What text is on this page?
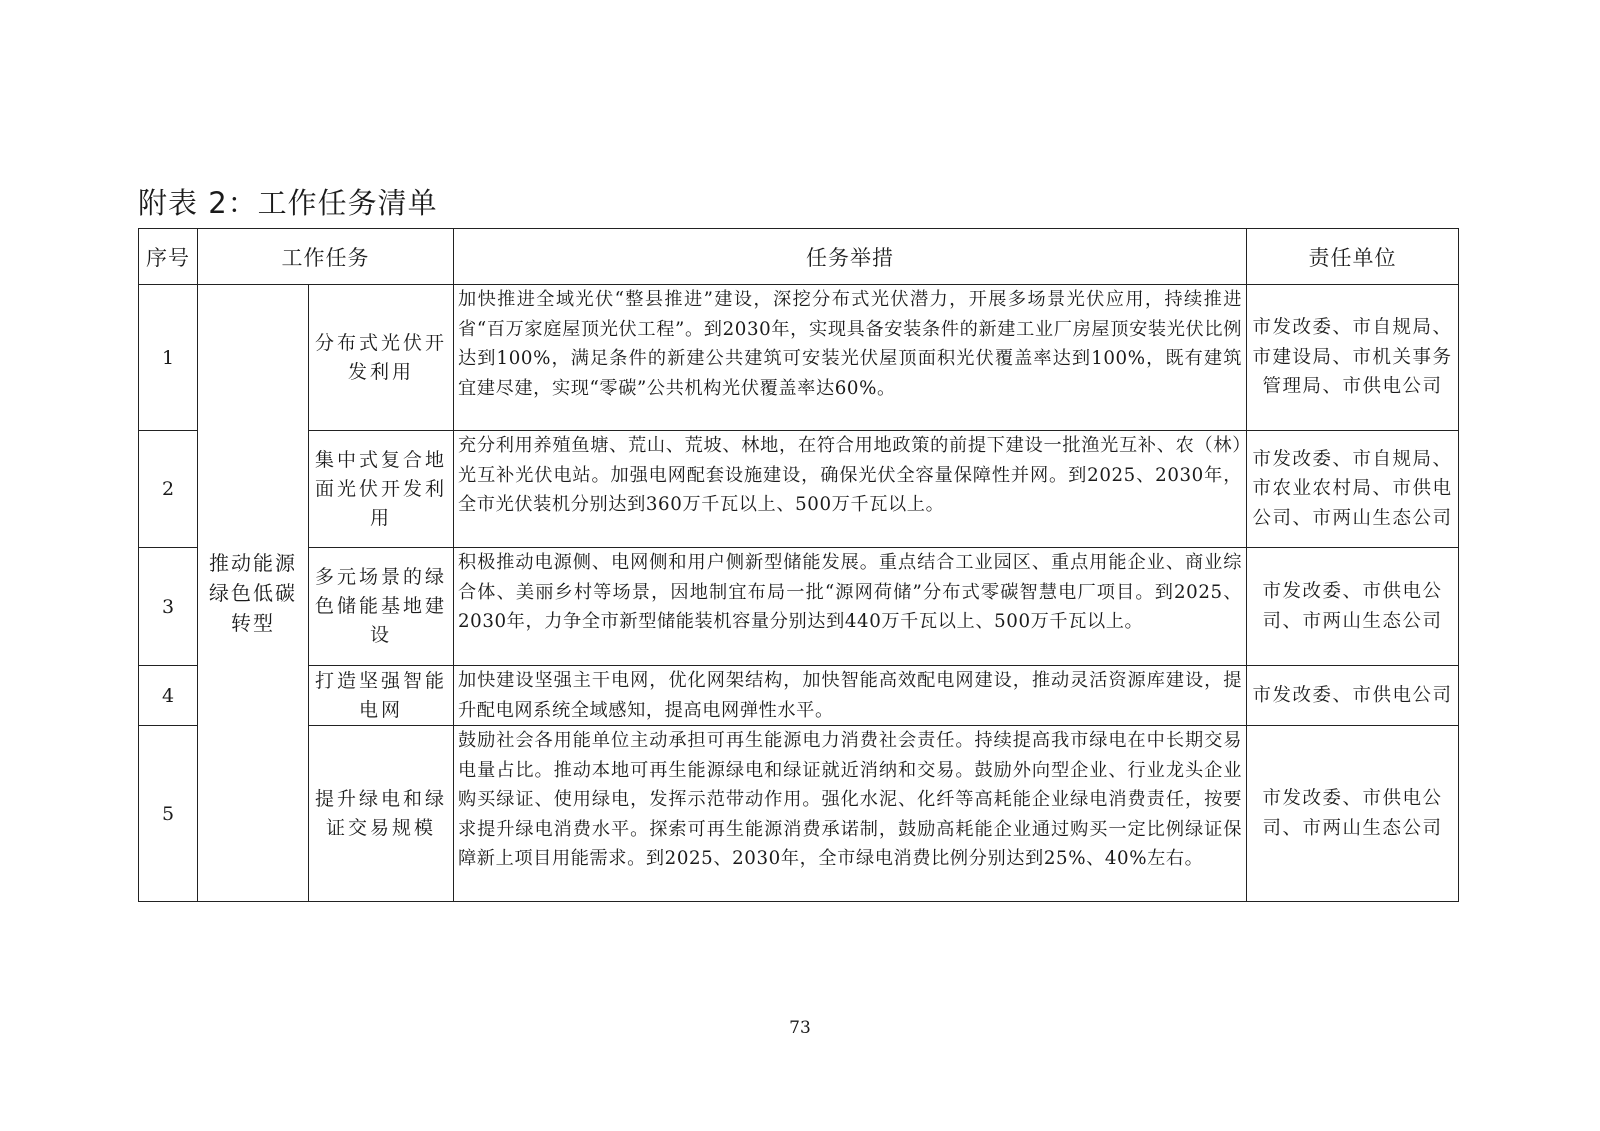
附表 2：工作任务清单
序号	工作任务		任务举措	责任单位
1	推动能源绿色低碳转型	分布式光伏开发利用	加快推进全域光伏“整县推进”建设，深挖分布式光伏潜力，开展多场景光伏应用，持续推进省“百万家庭屋顶光伏工程”。到2030年，实现具备安装条件的新建工业厂房屋顶安装光伏比例达到100%，满足条件的新建公共建筑可安装光伏屋顶面积光伏覆盖率达到100%，既有建筑宜建尽建，实现“零碳”公共机构光伏覆盖率达60%。	市发改委、市自规局、市建设局、市机关事务管理局、市供电公司
2		集中式复合地面光伏开发利用	充分利用养殖鱼塘、荒山、荒坡、林地，在符合用地政策的前提下建设一批渔光互补、农（林）光互补光伏电站。加强电网配套设施建设，确保光伏全容量保障性并网。到2025、2030年，全市光伏装机分别达到360万千瓦以上、500万千瓦以上。	市发改委、市自规局、市农业农村局、市供电公司、市两山生态公司
3		多元场景的绿色储能基地建设	积极推动电源侧、电网侧和用户侧新型储能发展。重点结合工业园区、重点用能企业、商业综合体、美丽乡村等场景，因地制宜布局一批“源网荷储”分布式零碳智慧电厂项目。到2025、2030年，力争全市新型储能装机容量分别达到440万千瓦以上、500万千瓦以上。	市发改委、市供电公司、市两山生态公司
4		打造坚强智能电网	加快建设坚强主干电网，优化网架结构，加快智能高效配电网建设，推动灵活资源库建设，提升配电网系统全域感知，提高电网弹性水平。	市发改委、市供电公司
5		提升绿电和绿证交易规模	鼓励社会各用能单位主动承担可再生能源电力消费社会责任。持续提高我市绿电在中长期交易电量占比。推动本地可再生能源绿电和绿证就近消纳和交易。鼓励外向型企业、行业龙头企业购买绿证、使用绿电，发挥示范带动作用。强化水泥、化纤等高耗能企业绿电消费责任，按要求提升绿电消费水平。探索可再生能源消费承诺制，鼓励高耗能企业通过购买一定比例绿证保障新上项目用能需求。到2025、2030年，全市绿电消费比例分别达到25%、40%左右。	市发改委、市供电公司、市两山生态公司
73
